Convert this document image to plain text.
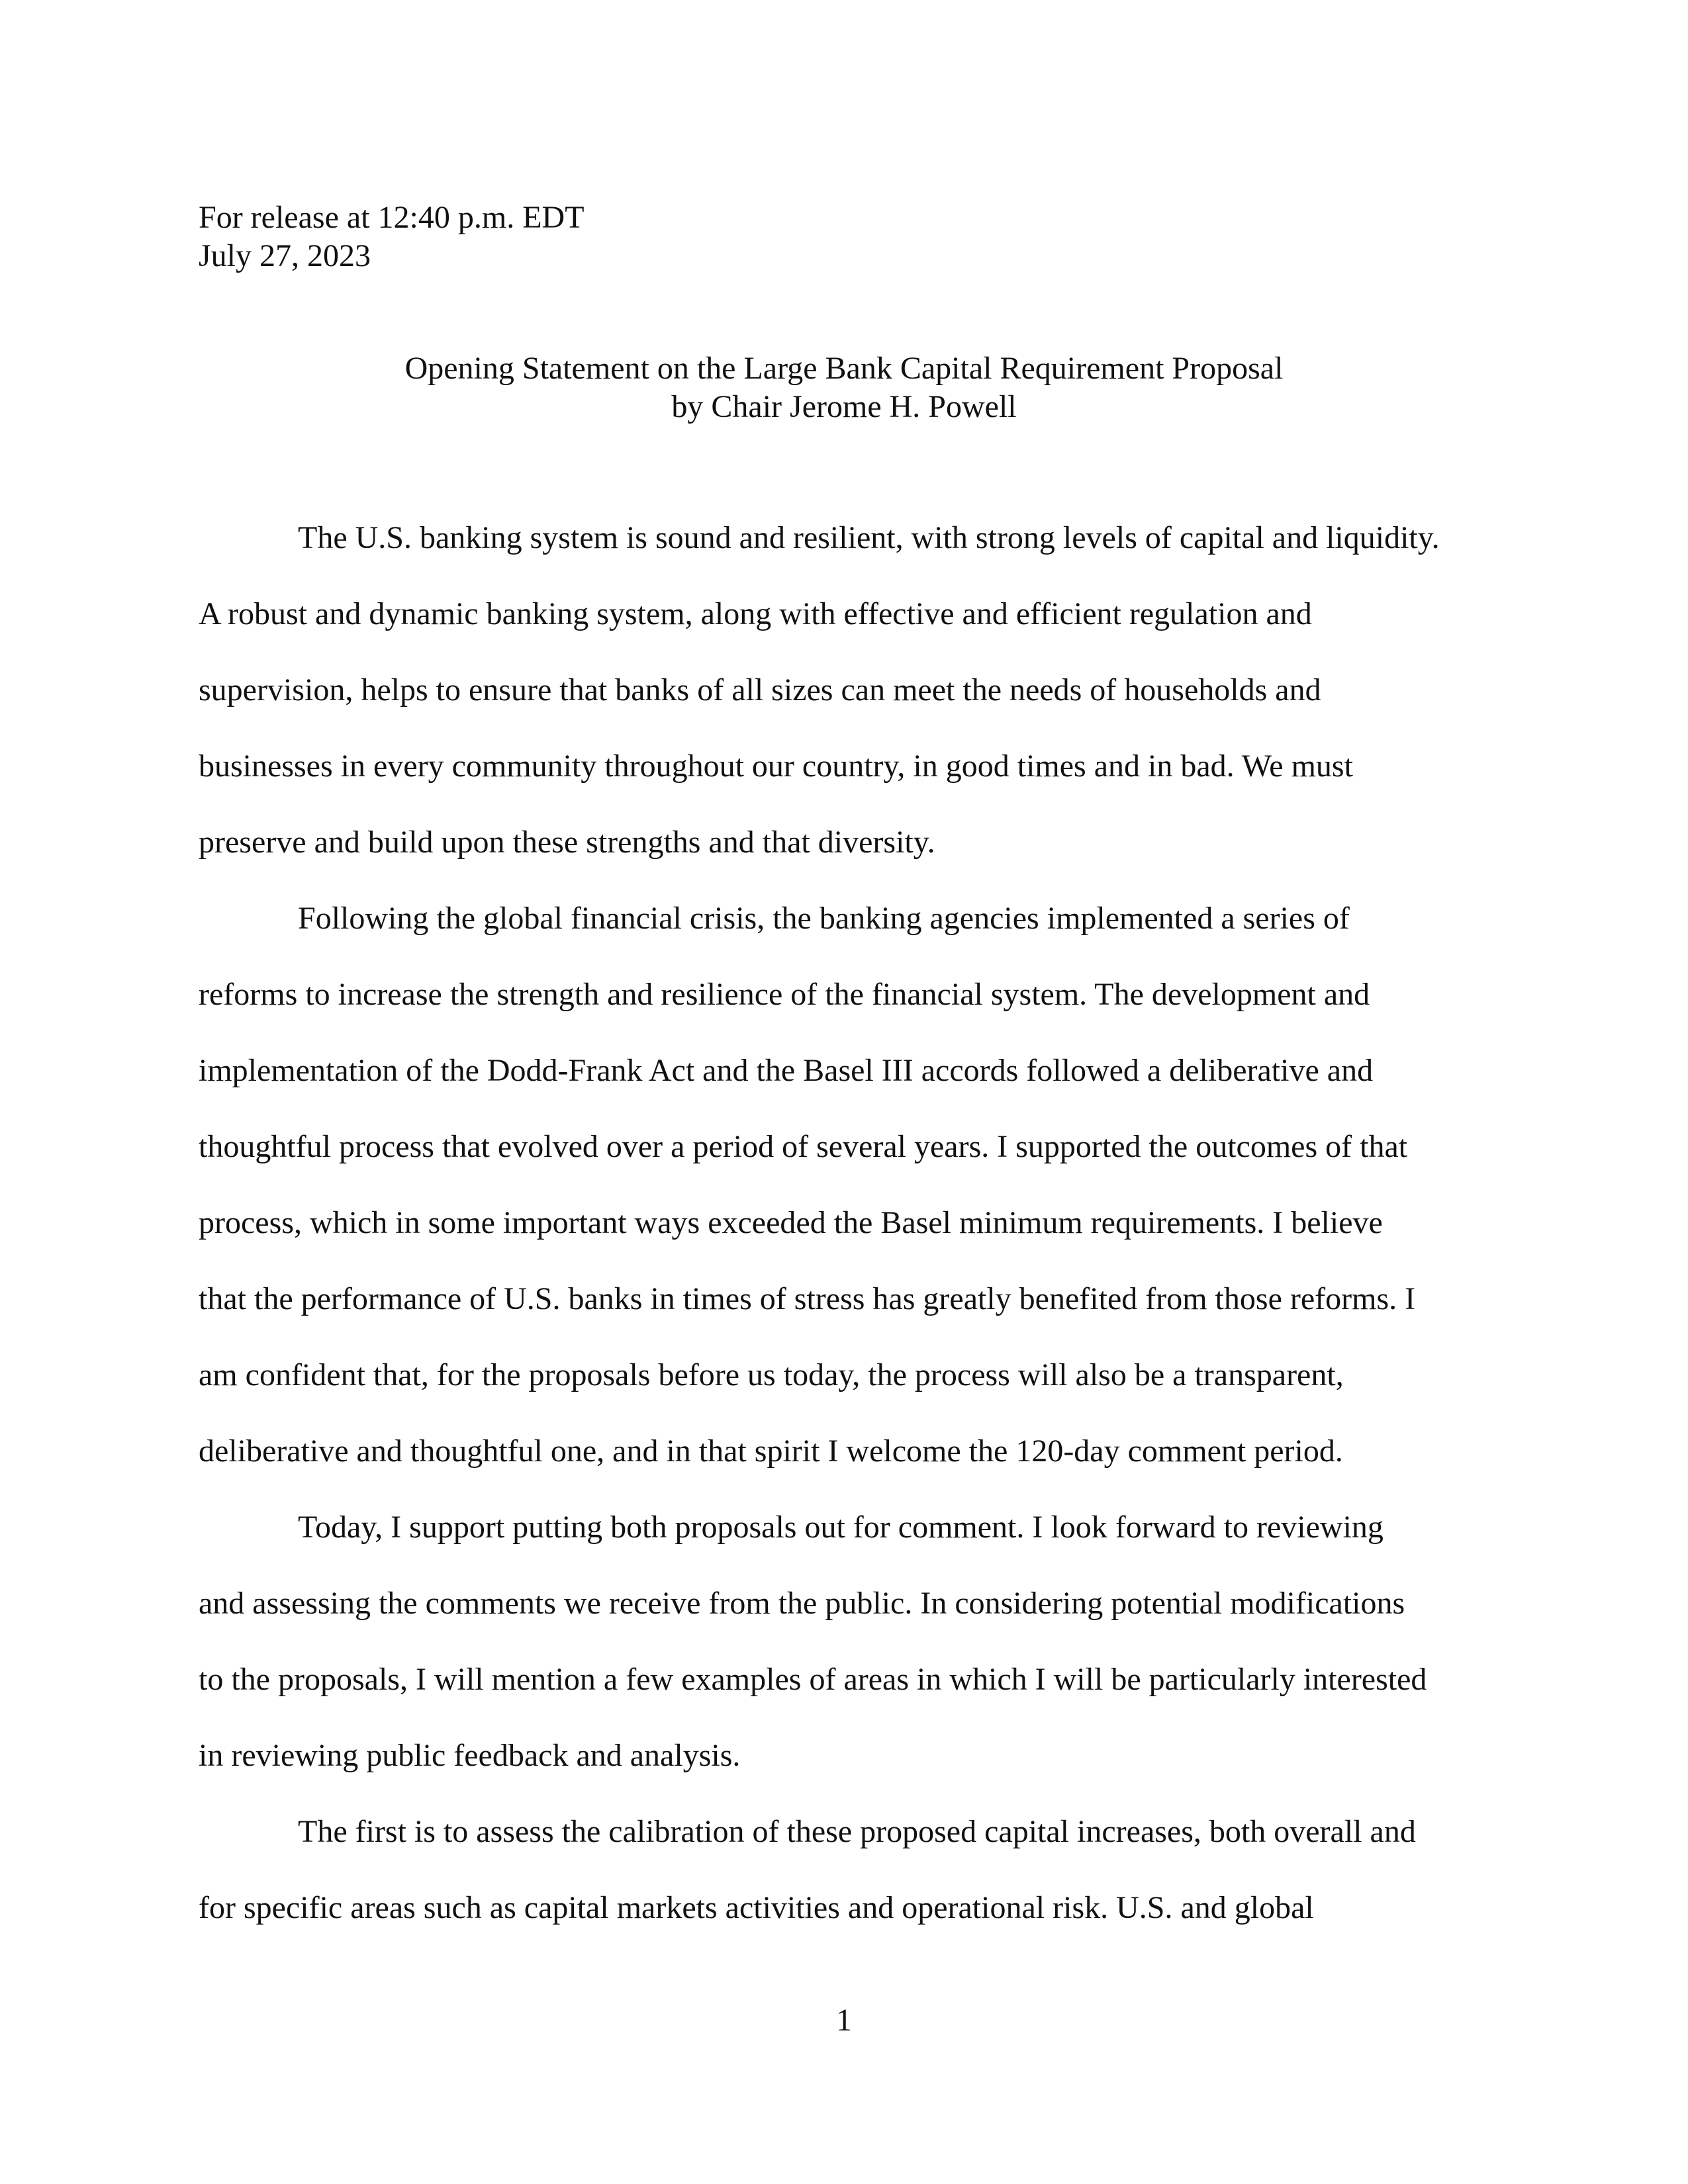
For release at 12:40 p.m. EDT
July 27, 2023
Opening Statement on the Large Bank Capital Requirement Proposal
by Chair Jerome H. Powell
The U.S. banking system is sound and resilient, with strong levels of capital and liquidity.
A robust and dynamic banking system, along with effective and efficient regulation and
supervision, helps to ensure that banks of all sizes can meet the needs of households and
businesses in every community throughout our country, in good times and in bad. We must
preserve and build upon these strengths and that diversity.
Following the global financial crisis, the banking agencies implemented a series of
reforms to increase the strength and resilience of the financial system. The development and
implementation of the Dodd-Frank Act and the Basel III accords followed a deliberative and
thoughtful process that evolved over a period of several years. I supported the outcomes of that
process, which in some important ways exceeded the Basel minimum requirements. I believe
that the performance of U.S. banks in times of stress has greatly benefited from those reforms. I
am confident that, for the proposals before us today, the process will also be a transparent,
deliberative and thoughtful one, and in that spirit I welcome the 120-day comment period.
Today, I support putting both proposals out for comment. I look forward to reviewing
and assessing the comments we receive from the public. In considering potential modifications
to the proposals, I will mention a few examples of areas in which I will be particularly interested
in reviewing public feedback and analysis.
The first is to assess the calibration of these proposed capital increases, both overall and
for specific areas such as capital markets activities and operational risk. U.S. and global
1
